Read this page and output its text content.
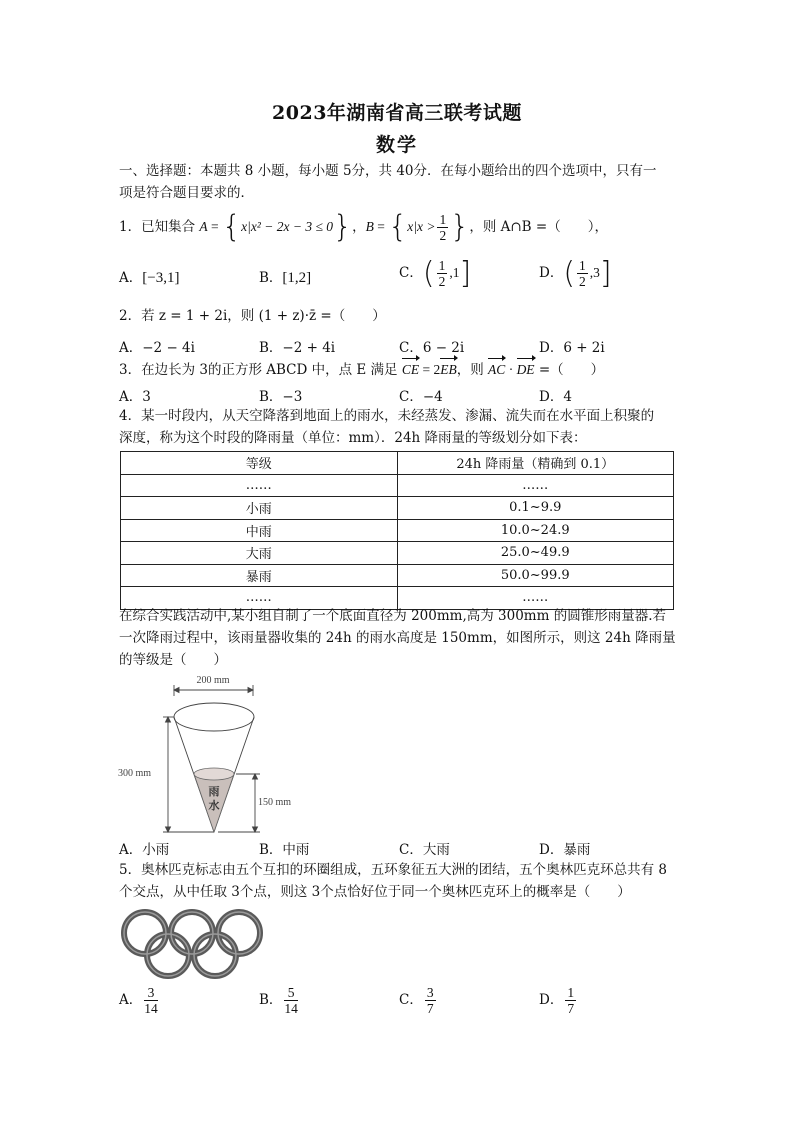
2023年湖南省高三联考试题
数学
一、选择题：本题共 8 小题，每小题 5分，共 40分．在每小题给出的四个选项中，只有一
项是符合题目要求的．
1．已知集合 A = {x|x² − 2x − 3 ≤ 0}，$B = \{x|x > \frac{1}{2}$ }，则 A∩B =（　　），
A．[−3,1]	B．[1,2]	C．( $\frac{1}{2} ,1$]	D．( $\frac{1}{2} ,3$]
2．若 z = 1 + 2i，则 (1 + z)·z̄ =（　　）
A．−2 − 4i	B．−2 + 4i	C．6 − 2i	D．6 + 2i
3．在边长为 3的正方形 ABCD 中，点 E 满足 CE = 2EB，则 AC · DE =（　　）
A．3	B．−3	C．−4	D．4
4．某一时段内，从天空降落到地面上的雨水，未经蒸发、渗漏、流失而在水平面上积聚的
深度，称为这个时段的降雨量（单位：mm）．24h 降雨量的等级划分如下表：
等级	24h 降雨量（精确到 0.1）
……	……
小雨	0.1~9.9
中雨	10.0~24.9
大雨	25.0~49.9
暴雨	50.0~99.9
……	……
在综合实践活动中,某小组自制了一个底面直径为 200mm,高为 300mm 的圆锥形雨量器.若
一次降雨过程中，该雨量器收集的 24h 的雨水高度是 150mm，如图所示，则这 24h 降雨量
的等级是（　　）
雨
水
200 mm
300 mm
150 mm
A．小雨	B．中雨	C．大雨	D．暴雨
5．奥林匹克标志由五个互扣的环圈组成，五环象征五大洲的团结，五个奥林匹克环总共有 8
个交点，从中任取 3个点，则这 3个点恰好位于同一个奥林匹克环上的概率是（　　）
A． $\frac{3}{14}$	B． $\frac{5}{14}$	C． $\frac{3}{7}$	D． $\frac{1}{7}$
